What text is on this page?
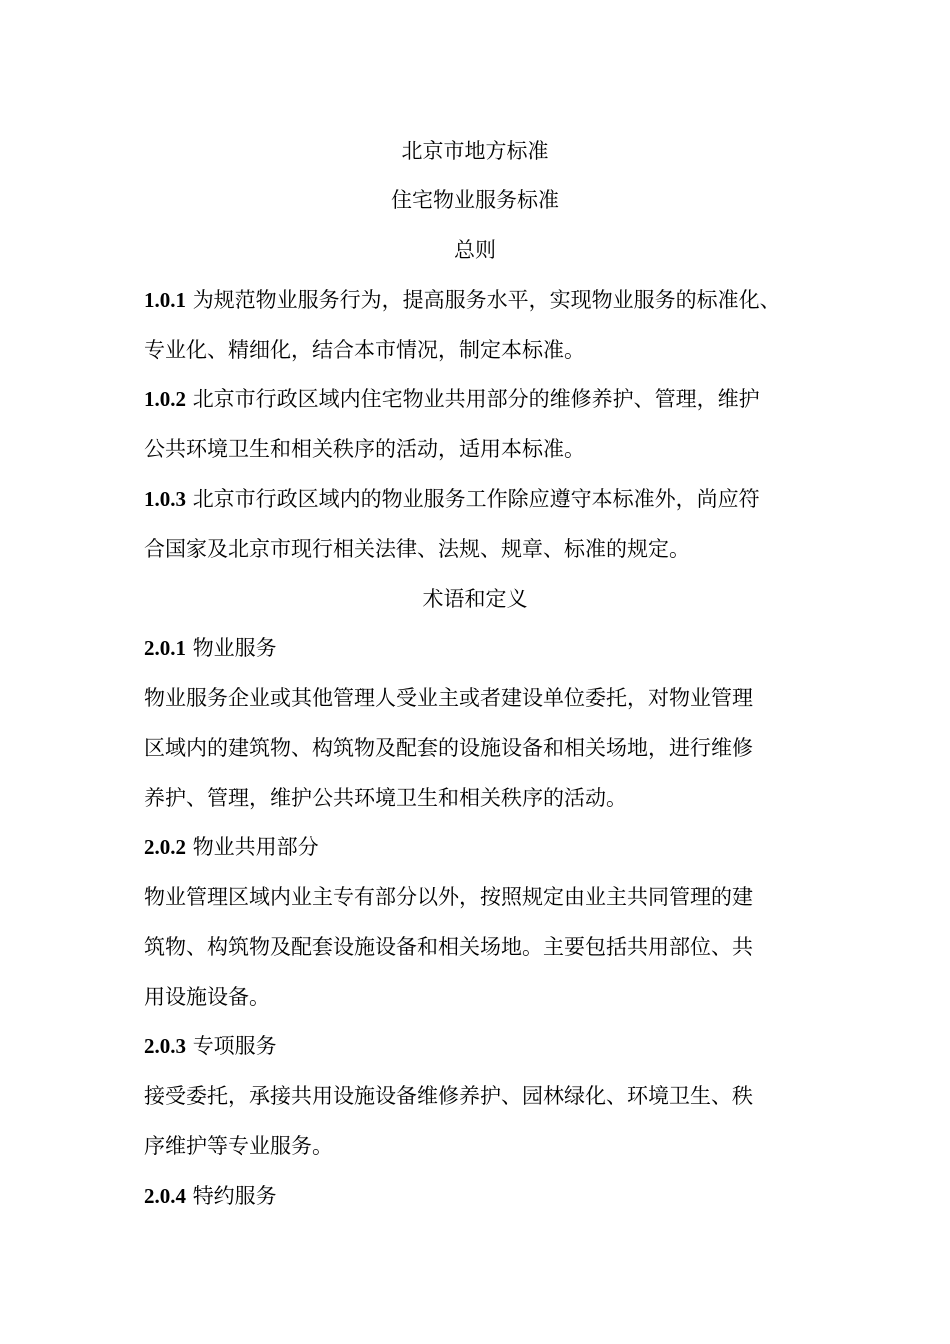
北京市地方标准
住宅物业服务标准
总则
1.0.1 为规范物业服务行为，提高服务水平，实现物业服务的标准化、
专业化、精细化，结合本市情况，制定本标准。
1.0.2 北京市行政区域内住宅物业共用部分的维修养护、管理，维护
公共环境卫生和相关秩序的活动，适用本标准。
1.0.3 北京市行政区域内的物业服务工作除应遵守本标准外，尚应符
合国家及北京市现行相关法律、法规、规章、标准的规定。
术语和定义
2.0.1 物业服务
物业服务企业或其他管理人受业主或者建设单位委托，对物业管理
区域内的建筑物、构筑物及配套的设施设备和相关场地，进行维修
养护、管理，维护公共环境卫生和相关秩序的活动。
2.0.2 物业共用部分
物业管理区域内业主专有部分以外，按照规定由业主共同管理的建
筑物、构筑物及配套设施设备和相关场地。主要包括共用部位、共
用设施设备。
2.0.3 专项服务
接受委托，承接共用设施设备维修养护、园林绿化、环境卫生、秩
序维护等专业服务。
2.0.4 特约服务
